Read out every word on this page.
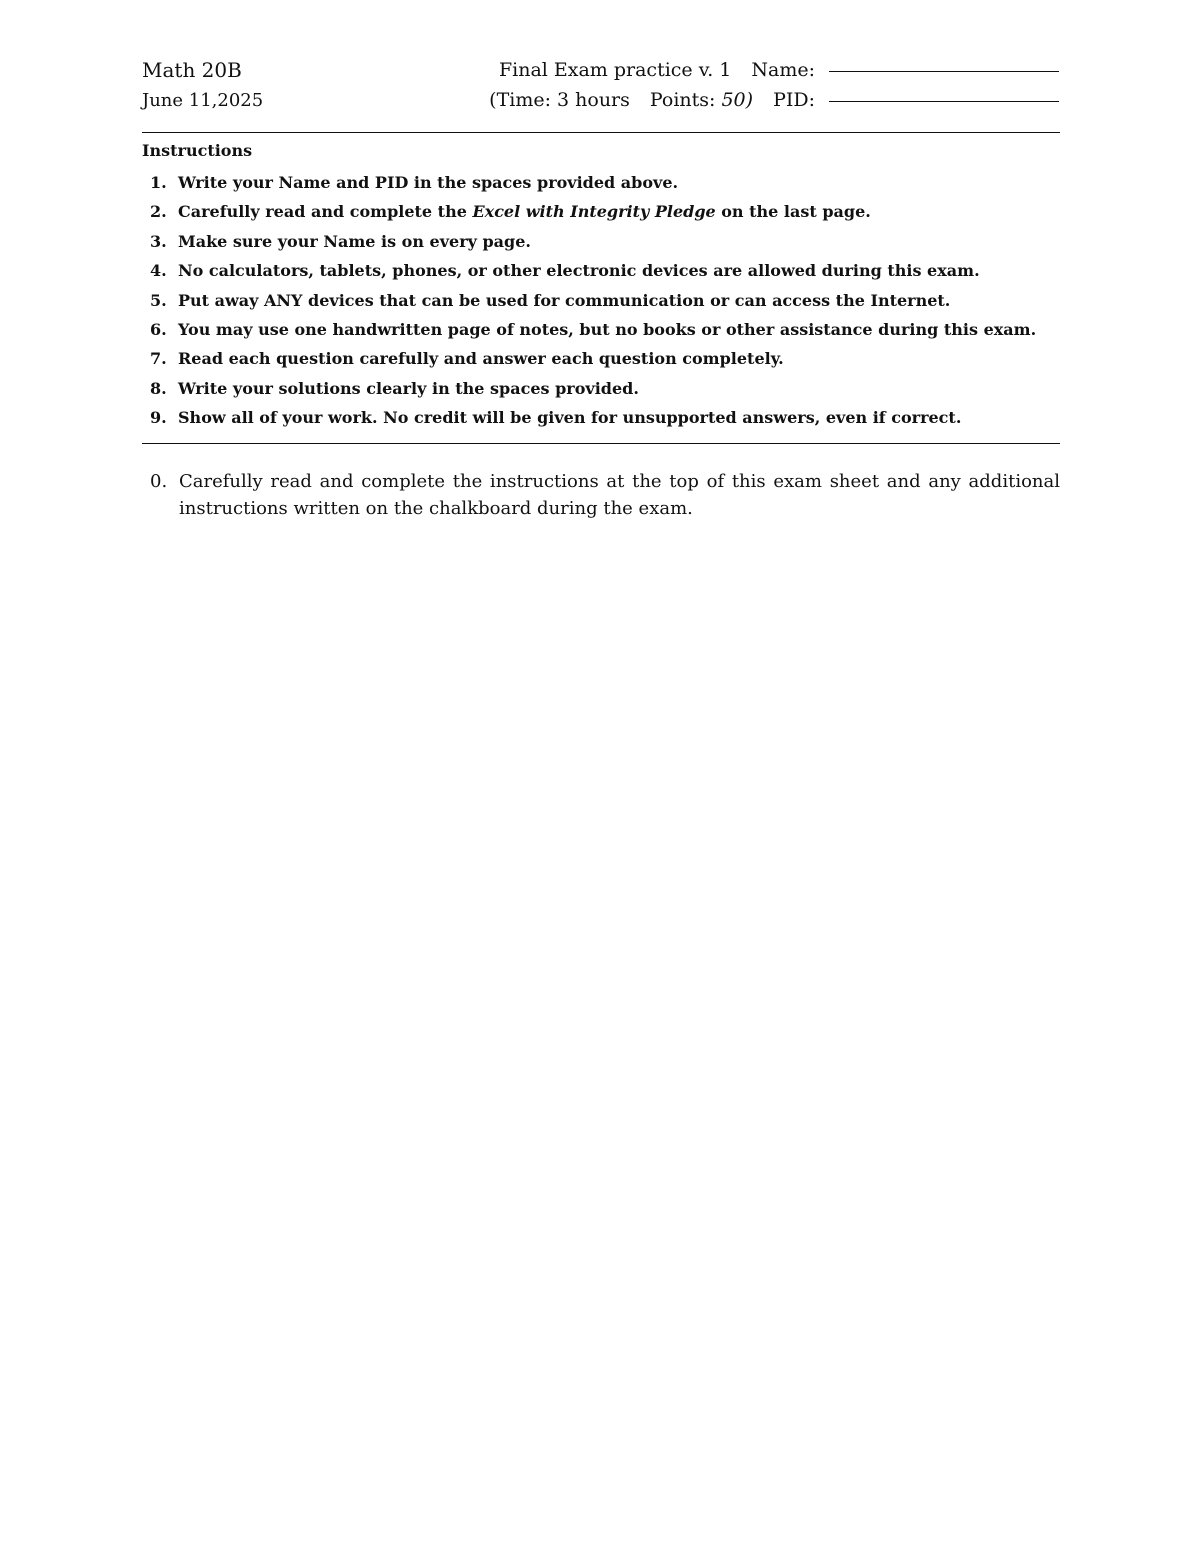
Math 20B
June 11,2025
Final Exam practice v. 1 Name:
(Time: 3 hours Points: 50) PID:
Instructions
1. Write your Name and PID in the spaces provided above.
2. Carefully read and complete the Excel with Integrity Pledge on the last page.
3. Make sure your Name is on every page.
4. No calculators, tablets, phones, or other electronic devices are allowed during this exam.
5. Put away ANY devices that can be used for communication or can access the Internet.
6. You may use one handwritten page of notes, but no books or other assistance during this exam.
7. Read each question carefully and answer each question completely.
8. Write your solutions clearly in the spaces provided.
9. Show all of your work. No credit will be given for unsupported answers, even if correct.
0. Carefully read and complete the instructions at the top of this exam sheet and any additional instructions written on the chalkboard during the exam.
